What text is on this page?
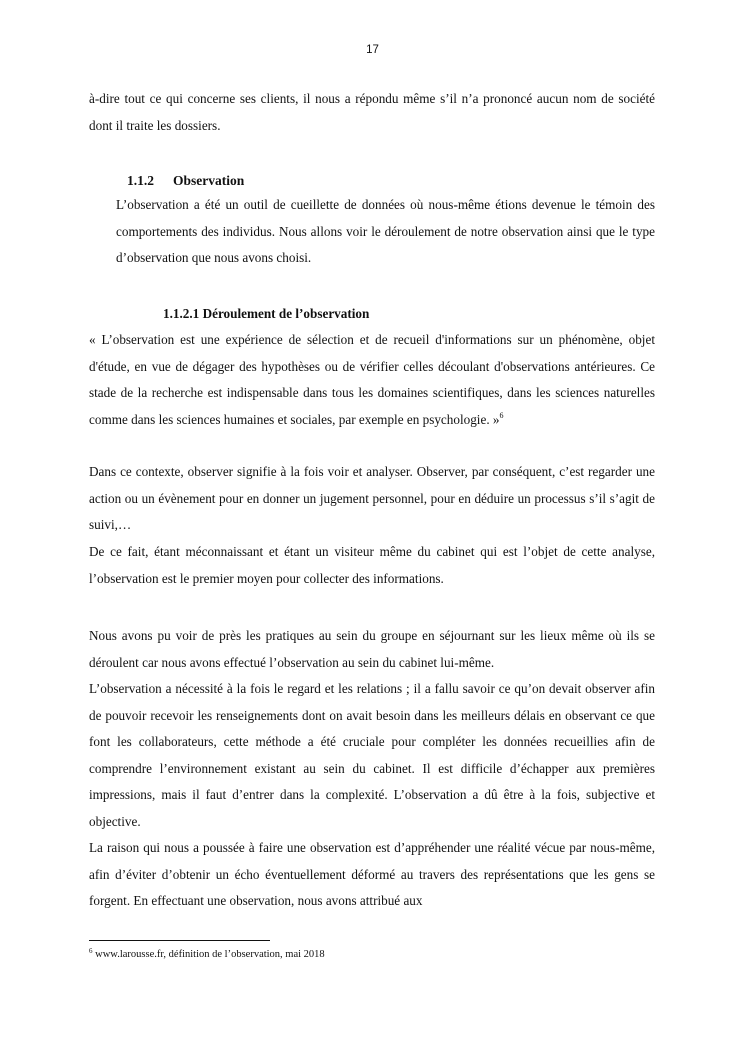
17

à-dire tout ce qui concerne ses clients, il nous a répondu même s’il n’a prononcé aucun nom de société dont il traite les dossiers.

1.1.2 Observation

L’observation a été un outil de cueillette de données où nous-même étions devenue le témoin des comportements des individus. Nous allons voir le déroulement de notre observation ainsi que le type d’observation que nous avons choisi.

1.1.2.1 Déroulement de l’observation

« L’observation est une expérience de sélection et de recueil d'informations sur un phénomène, objet d'étude, en vue de dégager des hypothèses ou de vérifier celles découlant d'observations antérieures. Ce stade de la recherche est indispensable dans tous les domaines scientifiques, dans les sciences naturelles comme dans les sciences humaines et sociales, par exemple en psychologie. »$^6$

Dans ce contexte, observer signifie à la fois voir et analyser. Observer, par conséquent, c’est regarder une action ou un évènement pour en donner un jugement personnel, pour en déduire un processus s’il s’agit de suivi,…

De ce fait, étant méconnaissant et étant un visiteur même du cabinet qui est l’objet de cette analyse, l’observation est le premier moyen pour collecter des informations.

Nous avons pu voir de près les pratiques au sein du groupe en séjournant sur les lieux même où ils se déroulent car nous avons effectué l’observation au sein du cabinet lui-même.

L’observation a nécessité à la fois le regard et les relations ; il a fallu savoir ce qu’on devait observer afin de pouvoir recevoir les renseignements dont on avait besoin dans les meilleurs délais en observant ce que font les collaborateurs, cette méthode a été cruciale pour compléter les données recueillies afin de comprendre l’environnement existant au sein du cabinet. Il est difficile d’échapper aux premières impressions, mais il faut d’entrer dans la complexité. L’observation a dû être à la fois, subjective et objective.

La raison qui nous a poussée à faire une observation est d’appréhender une réalité vécue par nous-même, afin d’éviter d’obtenir un écho éventuellement déformé au travers des représentations que les gens se forgent. En effectuant une observation, nous avons attribué aux

$^6$ www.larousse.fr, définition de l’observation, mai 2018
